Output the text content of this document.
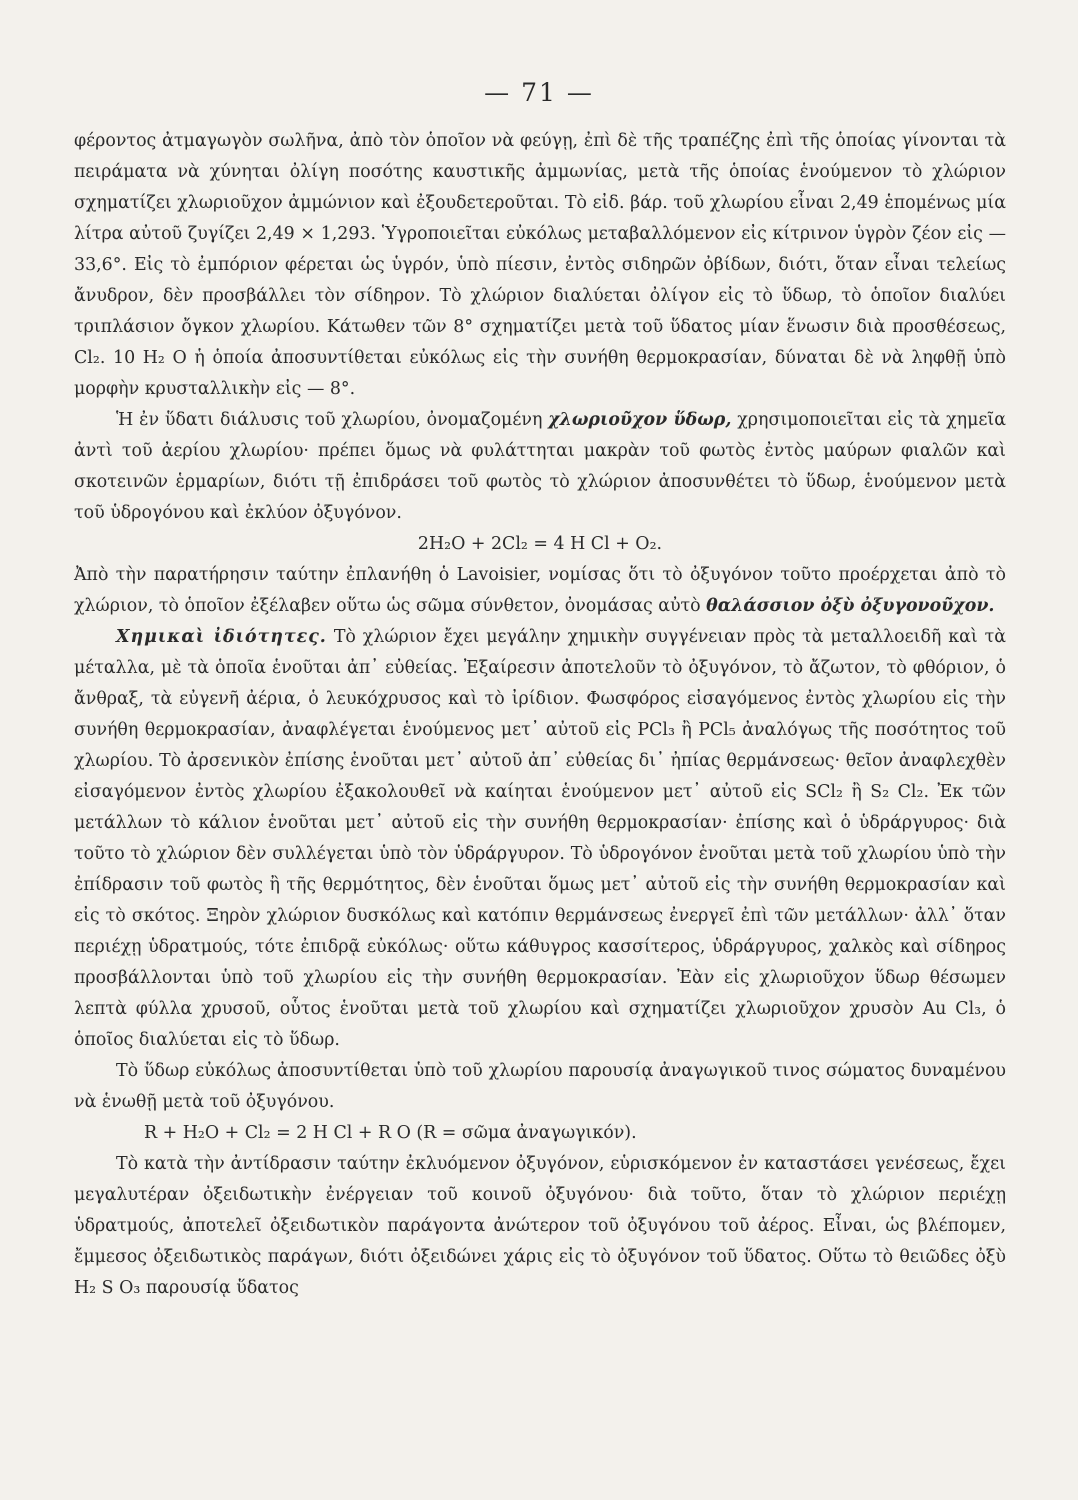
— 71 —

φέροντος ἀτμαγωγὸν σωλῆνα, ἀπὸ τὸν ὁποῖον νὰ φεύγῃ, ἐπὶ δὲ τῆς τραπέζης ἐπὶ τῆς ὁποίας γίνονται τὰ πειράματα νὰ χύνηται ὀλίγη ποσότης καυστικῆς ἀμμωνίας, μετὰ τῆς ὁποίας ἑνούμενον τὸ χλώριον σχηματίζει χλωριοῦχον ἀμμώνιον καὶ ἐξουδετεροῦται. Τὸ εἰδ. βάρ. τοῦ χλωρίου εἶναι 2,49 ἑπομένως μία λίτρα αὐτοῦ ζυγίζει 2,49 × 1,293. Ὑγροποιεῖται εὐκόλως μεταβαλλόμενον εἰς κίτρινον ὑγρὸν ζέον εἰς — 33,6°. Εἰς τὸ ἐμπόριον φέρεται ὡς ὑγρόν, ὑπὸ πίεσιν, ἐντὸς σιδηρῶν ὀβίδων, διότι, ὅταν εἶναι τελείως ἄνυδρον, δὲν προσβάλλει τὸν σίδηρον. Τὸ χλώριον διαλύεται ὀλίγον εἰς τὸ ὕδωρ, τὸ ὁποῖον διαλύει τριπλάσιον ὄγκον χλωρίου. Κάτωθεν τῶν 8° σχηματίζει μετὰ τοῦ ὕδατος μίαν ἕνωσιν διὰ προσθέσεως, Cl₂. 10 H₂ O ἡ ὁποία ἀποσυντίθεται εὐκόλως εἰς τὴν συνήθη θερμοκρασίαν, δύναται δὲ νὰ ληφθῇ ὑπὸ μορφὴν κρυσταλλικὴν εἰς — 8°.

Ἡ ἐν ὕδατι διάλυσις τοῦ χλωρίου, ὀνομαζομένη χλωριοῦχον ὕδωρ, χρησιμοποιεῖται εἰς τὰ χημεῖα ἀντὶ τοῦ ἀερίου χλωρίου· πρέπει ὅμως νὰ φυλάττηται μακρὰν τοῦ φωτὸς ἐντὸς μαύρων φιαλῶν καὶ σκοτεινῶν ἑρμαρίων, διότι τῇ ἐπιδράσει τοῦ φωτὸς τὸ χλώριον ἀποσυνθέτει τὸ ὕδωρ, ἑνούμενον μετὰ τοῦ ὑδρογόνου καὶ ἐκλύον ὀξυγόνον.

2H₂O + 2Cl₂ = 4 H Cl + O₂.

Ἀπὸ τὴν παρατήρησιν ταύτην ἐπλανήθη ὁ Lavoisier, νομίσας ὅτι τὸ ὀξυγόνον τοῦτο προέρχεται ἀπὸ τὸ χλώριον, τὸ ὁποῖον ἐξέλαβεν οὕτω ὡς σῶμα σύνθετον, ὀνομάσας αὐτὸ θαλάσσιον ὀξὺ ὀξυγονοῦχον.

Χημικαὶ ἰδιότητες. Τὸ χλώριον ἔχει μεγάλην χημικὴν συγγένειαν πρὸς τὰ μεταλλοειδῆ καὶ τὰ μέταλλα, μὲ τὰ ὁποῖα ἑνοῦται ἀπ᾽ εὐθείας. Ἐξαίρεσιν ἀποτελοῦν τὸ ὀξυγόνον, τὸ ἄζωτον, τὸ φθόριον, ὁ ἄνθραξ, τὰ εὐγενῆ ἀέρια, ὁ λευκόχρυσος καὶ τὸ ἰρίδιον. Φωσφόρος εἰσαγόμενος ἐντὸς χλωρίου εἰς τὴν συνήθη θερμοκρασίαν, ἀναφλέγεται ἑνούμενος μετ᾽ αὐτοῦ εἰς PCl₃ ἢ PCl₅ ἀναλόγως τῆς ποσότητος τοῦ χλωρίου. Τὸ ἀρσενικὸν ἐπίσης ἑνοῦται μετ᾽ αὐτοῦ ἀπ᾽ εὐθείας δι᾽ ἠπίας θερμάνσεως· θεῖον ἀναφλεχθὲν εἰσαγόμενον ἐντὸς χλωρίου ἐξακολουθεῖ νὰ καίηται ἑνούμενον μετ᾽ αὐτοῦ εἰς SCl₂ ἢ S₂ Cl₂. Ἐκ τῶν μετάλλων τὸ κάλιον ἑνοῦται μετ᾽ αὐτοῦ εἰς τὴν συνήθη θερμοκρασίαν· ἐπίσης καὶ ὁ ὑδράργυρος· διὰ τοῦτο τὸ χλώριον δὲν συλλέγεται ὑπὸ τὸν ὑδράργυρον. Τὸ ὑδρογόνον ἑνοῦται μετὰ τοῦ χλωρίου ὑπὸ τὴν ἐπίδρασιν τοῦ φωτὸς ἢ τῆς θερμότητος, δὲν ἑνοῦται ὅμως μετ᾽ αὐτοῦ εἰς τὴν συνήθη θερμοκρασίαν καὶ εἰς τὸ σκότος. Ξηρὸν χλώριον δυσκόλως καὶ κατόπιν θερμάνσεως ἐνεργεῖ ἐπὶ τῶν μετάλλων· ἀλλ᾽ ὅταν περιέχῃ ὑδρατμούς, τότε ἐπιδρᾷ εὐκόλως· οὕτω κάθυγρος κασσίτερος, ὑδράργυρος, χαλκὸς καὶ σίδηρος προσβάλλονται ὑπὸ τοῦ χλωρίου εἰς τὴν συνήθη θερμοκρασίαν. Ἐὰν εἰς χλωριοῦχον ὕδωρ θέσωμεν λεπτὰ φύλλα χρυσοῦ, οὗτος ἑνοῦται μετὰ τοῦ χλωρίου καὶ σχηματίζει χλωριοῦχον χρυσὸν Au Cl₃, ὁ ὁποῖος διαλύεται εἰς τὸ ὕδωρ.

Τὸ ὕδωρ εὐκόλως ἀποσυντίθεται ὑπὸ τοῦ χλωρίου παρουσίᾳ ἀναγωγικοῦ τινος σώματος δυναμένου νὰ ἑνωθῇ μετὰ τοῦ ὀξυγόνου.

R + H₂O + Cl₂ = 2 H Cl + R O (R = σῶμα ἀναγωγικόν).

Τὸ κατὰ τὴν ἀντίδρασιν ταύτην ἐκλυόμενον ὀξυγόνον, εὑρισκόμενον ἐν καταστάσει γενέσεως, ἔχει μεγαλυτέραν ὀξειδωτικὴν ἐνέργειαν τοῦ κοινοῦ ὀξυγόνου· διὰ τοῦτο, ὅταν τὸ χλώριον περιέχῃ ὑδρατμούς, ἀποτελεῖ ὀξειδωτικὸν παράγοντα ἀνώτερον τοῦ ὀξυγόνου τοῦ ἀέρος. Εἶναι, ὡς βλέπομεν, ἔμμεσος ὀξειδωτικὸς παράγων, διότι ὀξειδώνει χάρις εἰς τὸ ὀξυγόνον τοῦ ὕδατος. Οὕτω τὸ θειῶδες ὀξὺ H₂ S O₃ παρουσίᾳ ὕδατος
